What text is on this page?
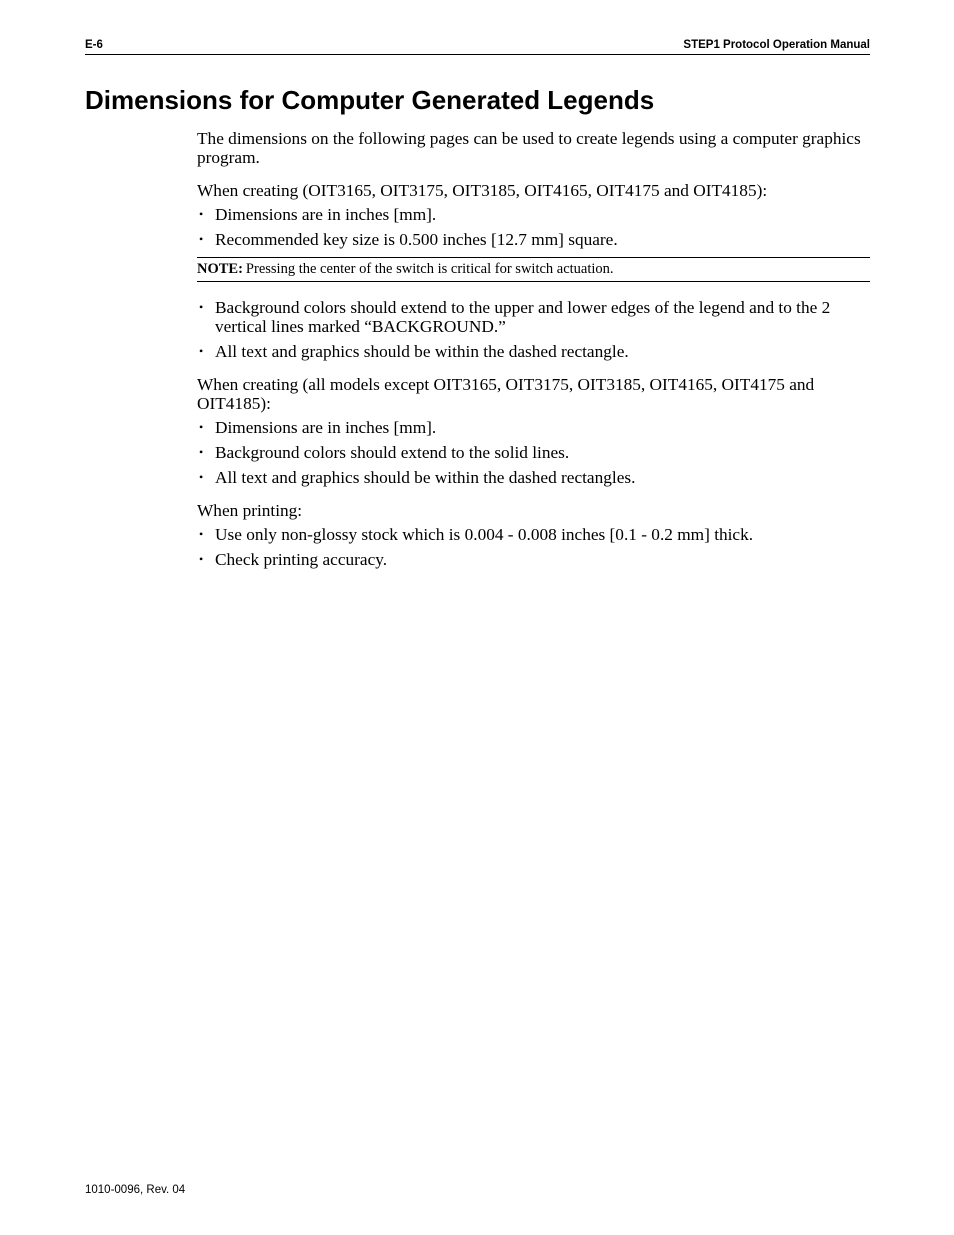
E-6	STEP1 Protocol Operation Manual
Dimensions for Computer Generated Legends

The dimensions on the following pages can be used to create legends using a computer graphics program.

When creating (OIT3165, OIT3175, OIT3185, OIT4165, OIT4175 and OIT4185):

• Dimensions are in inches [mm].
• Recommended key size is 0.500 inches [12.7 mm] square.
NOTE: Pressing the center of the switch is critical for switch actuation.
• Background colors should extend to the upper and lower edges of the legend and to the 2 vertical lines marked “BACKGROUND.”
• All text and graphics should be within the dashed rectangle.

When creating (all models except OIT3165, OIT3175, OIT3185, OIT4165, OIT4175 and OIT4185):

• Dimensions are in inches [mm].
• Background colors should extend to the solid lines.
• All text and graphics should be within the dashed rectangles.

When printing:

• Use only non-glossy stock which is 0.004 - 0.008 inches [0.1 - 0.2 mm] thick.
• Check printing accuracy.
1010-0096, Rev. 04
